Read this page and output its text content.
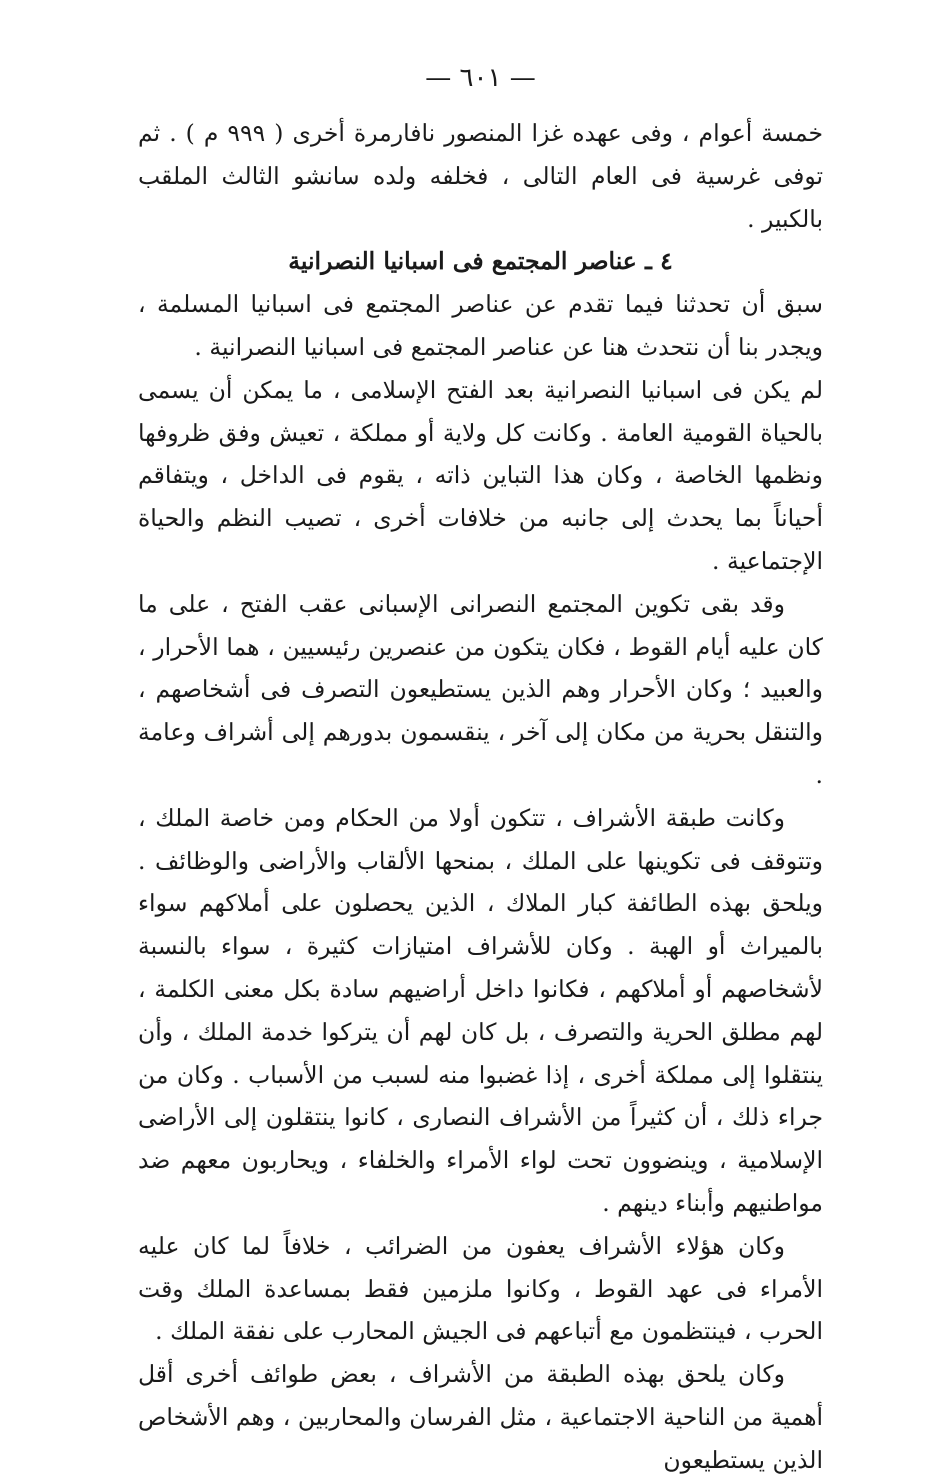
— ٦٠١ —

خمسة أعوام ، وفى عهده غزا المنصور نافارمرة أخرى ( ٩٩٩ م ) . ثم توفى غرسية فى العام التالى ، فخلفه ولده سانشو الثالث الملقب بالكبير .

٤ ـ عناصر المجتمع فى اسبانيا النصرانية

سبق أن تحدثنا فيما تقدم عن عناصر المجتمع فى اسبانيا المسلمة ، ويجدر بنا أن نتحدث هنا عن عناصر المجتمع فى اسبانيا النصرانية .

لم يكن فى اسبانيا النصرانية بعد الفتح الإسلامى ، ما يمكن أن يسمى بالحياة القومية العامة . وكانت كل ولاية أو مملكة ، تعيش وفق ظروفها ونظمها الخاصة ، وكان هذا التباين ذاته ، يقوم فى الداخل ، ويتفاقم أحياناً بما يحدث إلى جانبه من خلافات أخرى ، تصيب النظم والحياة الإجتماعية .

وقد بقى تكوين المجتمع النصرانى الإسبانى عقب الفتح ، على ما كان عليه أيام القوط ، فكان يتكون من عنصرين رئيسيين ، هما الأحرار ، والعبيد ؛ وكان الأحرار وهم الذين يستطيعون التصرف فى أشخاصهم ، والتنقل بحرية من مكان إلى آخر ، ينقسمون بدورهم إلى أشراف وعامة .

وكانت طبقة الأشراف ، تتكون أولا من الحكام ومن خاصة الملك ، وتتوقف فى تكوينها على الملك ، بمنحها الألقاب والأراضى والوظائف . ويلحق بهذه الطائفة كبار الملاك ، الذين يحصلون على أملاكهم سواء بالميراث أو الهبة . وكان للأشراف امتيازات كثيرة ، سواء بالنسبة لأشخاصهم أو أملاكهم ، فكانوا داخل أراضيهم سادة بكل معنى الكلمة ، لهم مطلق الحرية والتصرف ، بل كان لهم أن يتركوا خدمة الملك ، وأن ينتقلوا إلى مملكة أخرى ، إذا غضبوا منه لسبب من الأسباب . وكان من جراء ذلك ، أن كثيراً من الأشراف النصارى ، كانوا ينتقلون إلى الأراضى الإسلامية ، وينضوون تحت لواء الأمراء والخلفاء ، ويحاربون معهم ضد مواطنيهم وأبناء دينهم .

وكان هؤلاء الأشراف يعفون من الضرائب ، خلافاً لما كان عليه الأمراء فى عهد القوط ، وكانوا ملزمين فقط بمساعدة الملك وقت الحرب ، فينتظمون مع أتباعهم فى الجيش المحارب على نفقة الملك .

وكان يلحق بهذه الطبقة من الأشراف ، بعض طوائف أخرى أقل أهمية من الناحية الاجتماعية ، مثل الفرسان والمحاربين ، وهم الأشخاص الذين يستطيعون
